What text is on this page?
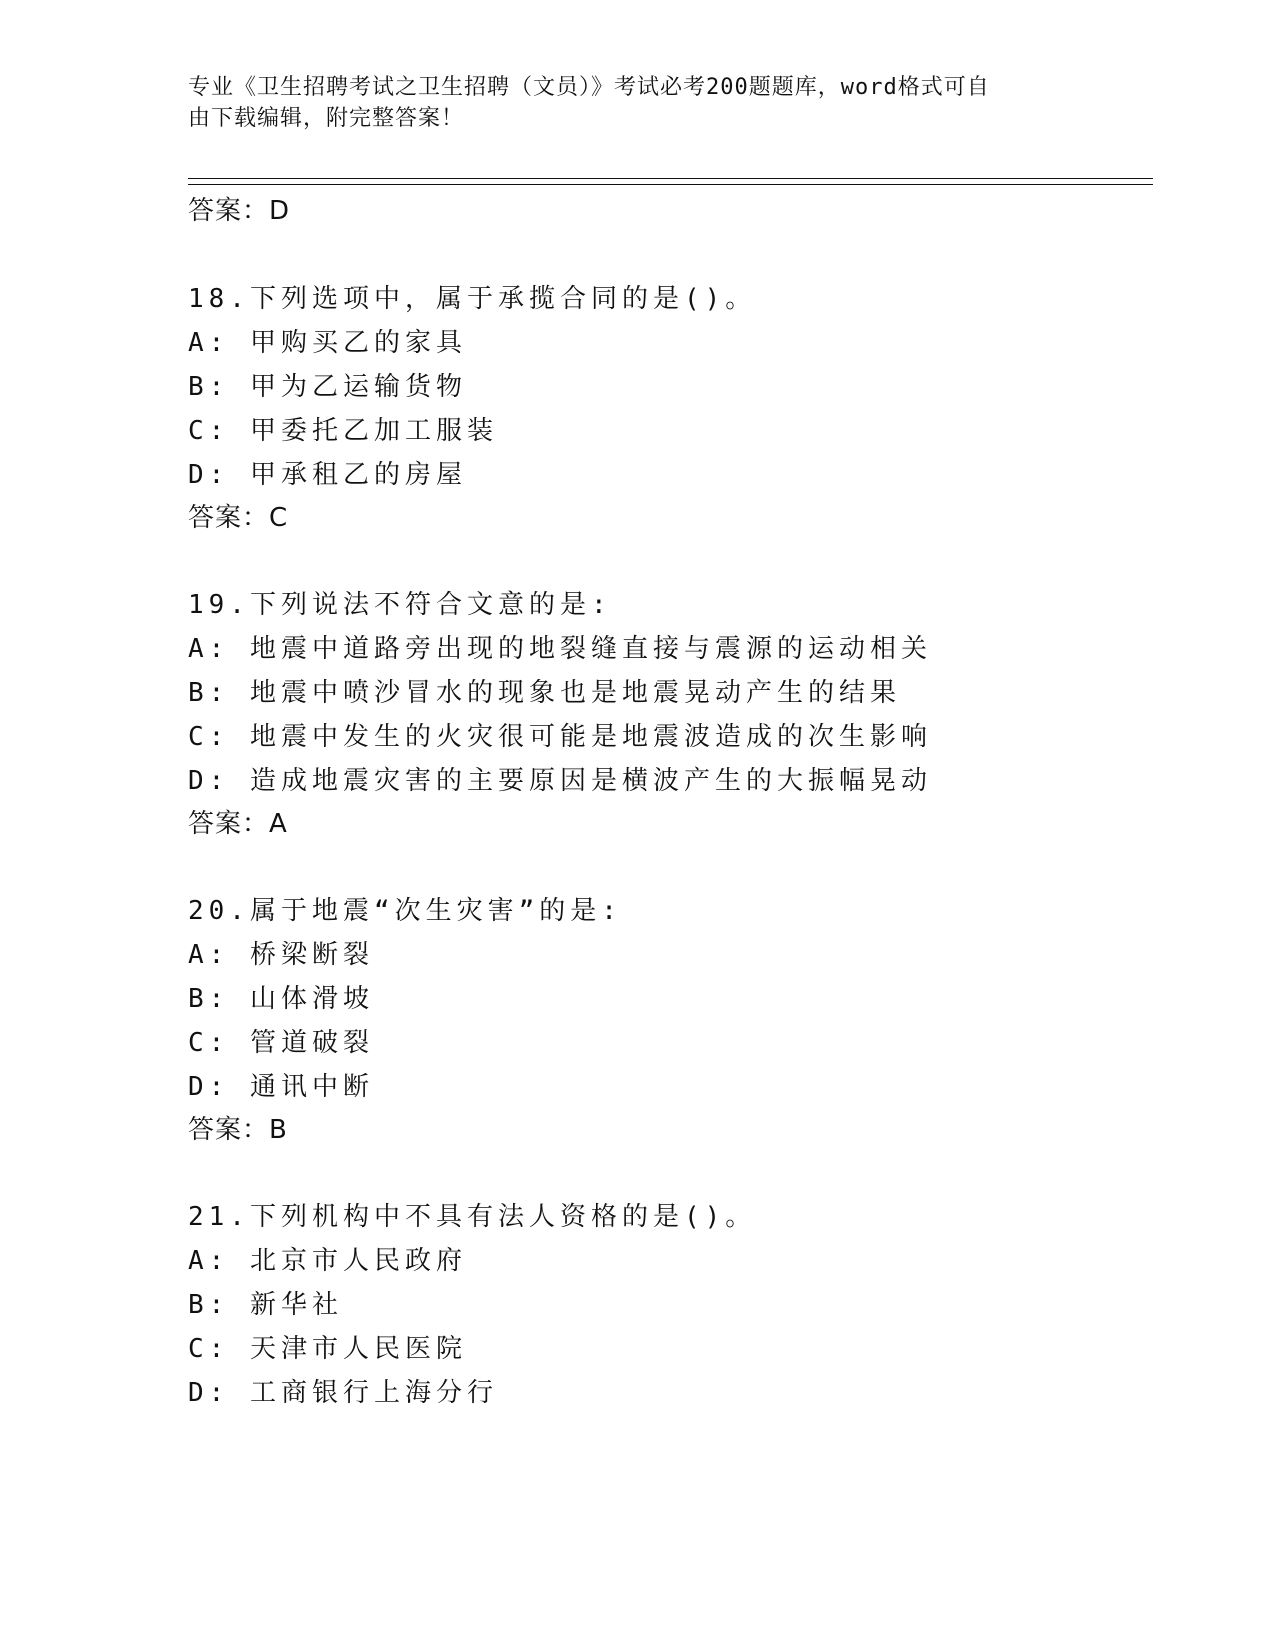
专业《卫生招聘考试之卫生招聘（文员）》考试必考200题题库，word格式可自
由下载编辑，附完整答案！
答案：D
18.下列选项中，属于承揽合同的是()。
A: 甲购买乙的家具
B: 甲为乙运输货物
C: 甲委托乙加工服装
D: 甲承租乙的房屋
答案：C
19.下列说法不符合文意的是:
A: 地震中道路旁出现的地裂缝直接与震源的运动相关
B: 地震中喷沙冒水的现象也是地震晃动产生的结果
C: 地震中发生的火灾很可能是地震波造成的次生影响
D: 造成地震灾害的主要原因是横波产生的大振幅晃动
答案：A
20.属于地震“次生灾害”的是:
A: 桥梁断裂
B: 山体滑坡
C: 管道破裂
D: 通讯中断
答案：B
21.下列机构中不具有法人资格的是()。
A: 北京市人民政府
B: 新华社
C: 天津市人民医院
D: 工商银行上海分行
